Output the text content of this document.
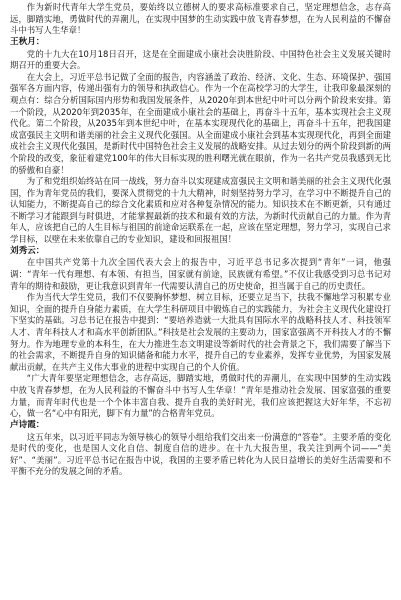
作为新时代青年大学生党员，要始终以立德树人的要求高标准要求自己，坚定理想信念，志存高远，脚踏实地，勇做时代的弄潮儿，在实现中国梦的生动实践中放飞青春梦想，在为人民利益的不懈奋斗中书写人生华章！

王秋月：

党的十九大在10月18日召开，这是在全面建成小康社会决胜阶段、中国特色社会主义发展关键时期召开的重要大会。

在大会上，习近平总书记做了全面的报告，内容涵盖了政治、经济、文化、生态、环境保护、强国强军各方面内容，传递出强有力的领导和执政信心。作为一个在高校学习的大学生，让我印象最深刻的观点有：综合分析国际国内形势和我国发展条件，从2020年到本世纪中叶可以分两个阶段来安排。第一个阶段，从2020年到2035年，在全面建成小康社会的基础上，再奋斗十五年，基本实现社会主义现代化。第二个阶段，从2035年到本世纪中叶，在基本实现现代化的基础上，再奋斗十五年，把我国建成富强民主文明和谐美丽的社会主义现代化强国。从全面建成小康社会到基本实现现代化，再到全面建成社会主义现代化强国，是新时代中国特色社会主义发展的战略安排。从过去划分的两个阶段到新的两个阶段的改变，象征着建党100年的伟大目标实现的胜利曙光就在眼前，作为一名共产党员我感到无比的骄傲和自豪！

为了和党组织始终站在同一战线，努力奋斗以实现建成富强民主文明和谐美丽的社会主义现代化强国，作为青年党员的我们，要深入贯彻党的十九大精神，时刻坚持努力学习，在学习中不断提升自己的认知能力，不断提高自己的综合文化素质和应对各种复杂情况的能力。知识技术在不断更新，只有通过不断学习才能跟到与时俱进，才能掌握最新的技术和最有效的方法，为新时代贡献自己的力量。作为青年人，应该把自己的人生目标与祖国的前途命运联系在一起，应该在坚定理想，努力学习，实现自己求学目标，以壁在未来依靠自己的专业知识，建设和回报祖国！

刘秀云：

在中国共产党第十九次全国代表大会上的报告中，习近平总书记多次提到“青年”一词，他强调：“青年一代有理想、有本领、有担当，国家就有前途，民族就有希望。”不仅让我感受到习总书记对青年的期待和鼓励，更让我意识到青年一代需要认清自己的历史使命，担当属于自己的历史责任。

作为当代大学生党员，我们不仅要胸怀梦想、树立目标，还要立足当下，扶我不懈地学习积累专业知识，全面的提升自身能力素质，在大学生科研项目中锻炼自己的实践能力，为社会主义现代化建设打下坚实的基础。习总书记在报告中提到：“要培养造就一大批具有国际水平的战略科技人才、科技领军人才、青年科技人才和高水平创新团队。”科技是社会发展的主要动力，国家富强离不开科技人才的不懈努力。作为地理专业的本科生，在大力推进生态文明建设等新时代的社会背景之下，我们需要了解当下的社会需求，不断提升自身的知识储备和能力水平，提升自己的专业素养，发挥专业优势，为国家发展献出贡献，在共产主义伟大事业的进程中实现自己的个人价值。

“广大青年要坚定理想信念，志存高远，脚踏实地，勇做时代的弄潮儿，在实现中国梦的生动实践中放飞青春梦想，在为人民利益的不懈奋斗中书写人生华章！”青年是推动社会发展、国家富强的重要力量，而青年时代也是一个个体丰富自我、提升自我的美好时光，我们应该把握这大好年华，不忘初心，做一名“心中有阳光，脚下有力量”的合格青年党员。

卢诗霞：

这五年来，以习近平同志为领导核心的领导小组给我们交出来一份满意的“答卷”。主要矛盾的变化是时代的变化，也是国人文化自信、制度自信的进步。在十九大报告里，我关注到两个词——“美好”、“美丽”。习近平总书记在报告中说，我国的主要矛盾已转化为人民日益增长的美好生活需要和不平衡不充分的发展之间的矛盾。
